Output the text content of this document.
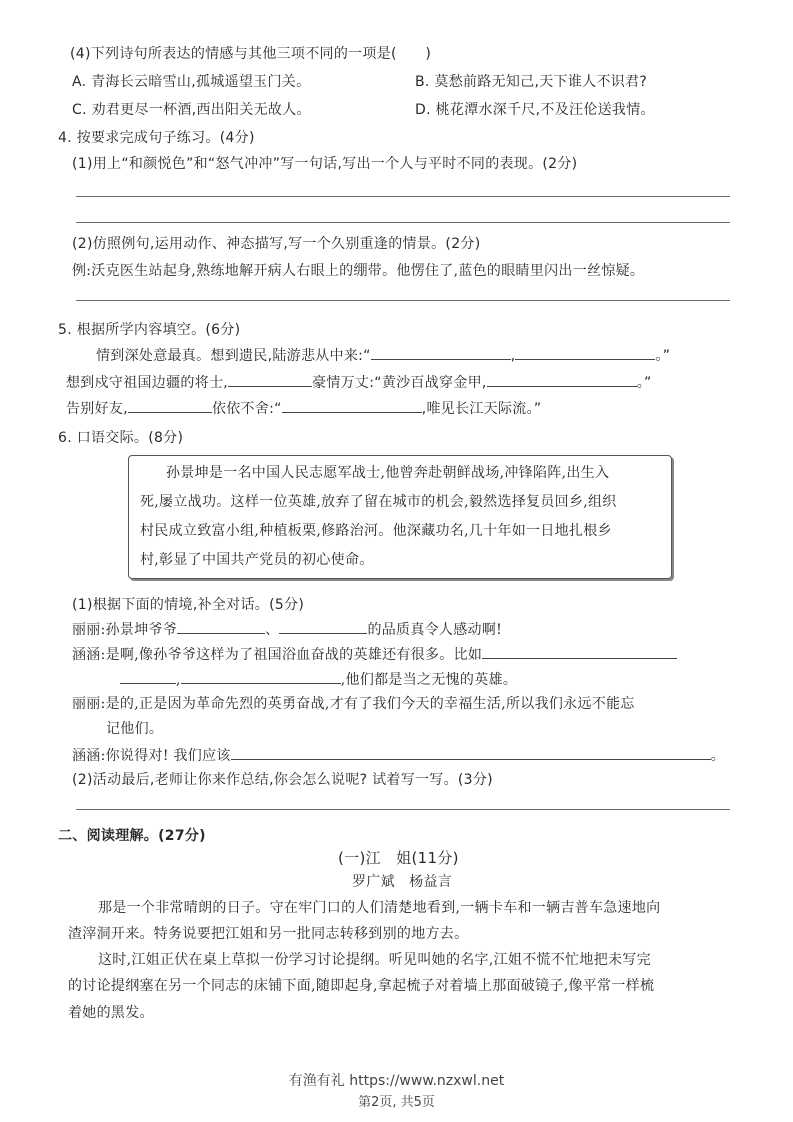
(4)下列诗句所表达的情感与其他三项不同的一项是(　　)
A. 青海长云暗雪山,孤城遥望玉门关。	B. 莫愁前路无知己,天下谁人不识君?
C. 劝君更尽一杯酒,西出阳关无故人。	D. 桃花潭水深千尺,不及汪伦送我情。
4. 按要求完成句子练习。(4分)
(1)用上“和颜悦色”和“怒气冲冲”写一句话,写出一个人与平时不同的表现。(2分)
(2)仿照例句,运用动作、神态描写,写一个久别重逢的情景。(2分)
例:沃克医生站起身,熟练地解开病人右眼上的绷带。他愣住了,蓝色的眼睛里闪出一丝惊疑。
5. 根据所学内容填空。(6分)
情到深处意最真。想到遗民,陆游悲从中来:“	,	。”
想到戍守祖国边疆的将士,	豪情万丈:“黄沙百战穿金甲,	。”
告别好友,	依依不舍:“	,唯见长江天际流。”
6. 口语交际。(8分)
孙景坤是一名中国人民志愿军战士,他曾奔赴朝鲜战场,冲锋陷阵,出生入
死,屡立战功。这样一位英雄,放弃了留在城市的机会,毅然选择复员回乡,组织
村民成立致富小组,种植板栗,修路治河。他深藏功名,几十年如一日地扎根乡
村,彰显了中国共产党员的初心使命。
(1)根据下面的情境,补全对话。(5分)
丽丽:孙景坤爷爷	、	的品质真令人感动啊!
涵涵:是啊,像孙爷爷这样为了祖国浴血奋战的英雄还有很多。比如
,	,他们都是当之无愧的英雄。
丽丽:是的,正是因为革命先烈的英勇奋战,才有了我们今天的幸福生活,所以我们永远不能忘
记他们。
涵涵:你说得对! 我们应该	。
(2)活动最后,老师让你来作总结,你会怎么说呢? 试着写一写。(3分)
二、阅读理解。(27分)
(一)江　姐(11分)
罗广斌　杨益言
那是一个非常晴朗的日子。守在牢门口的人们清楚地看到,一辆卡车和一辆吉普车急速地向
渣滓洞开来。特务说要把江姐和另一批同志转移到别的地方去。
这时,江姐正伏在桌上草拟一份学习讨论提纲。听见叫她的名字,江姐不慌不忙地把未写完
的讨论提纲塞在另一个同志的床铺下面,随即起身,拿起梳子对着墙上那面破镜子,像平常一样梳
着她的黑发。
有渔有礼 https://www.nzxwl.net
第2页, 共5页
